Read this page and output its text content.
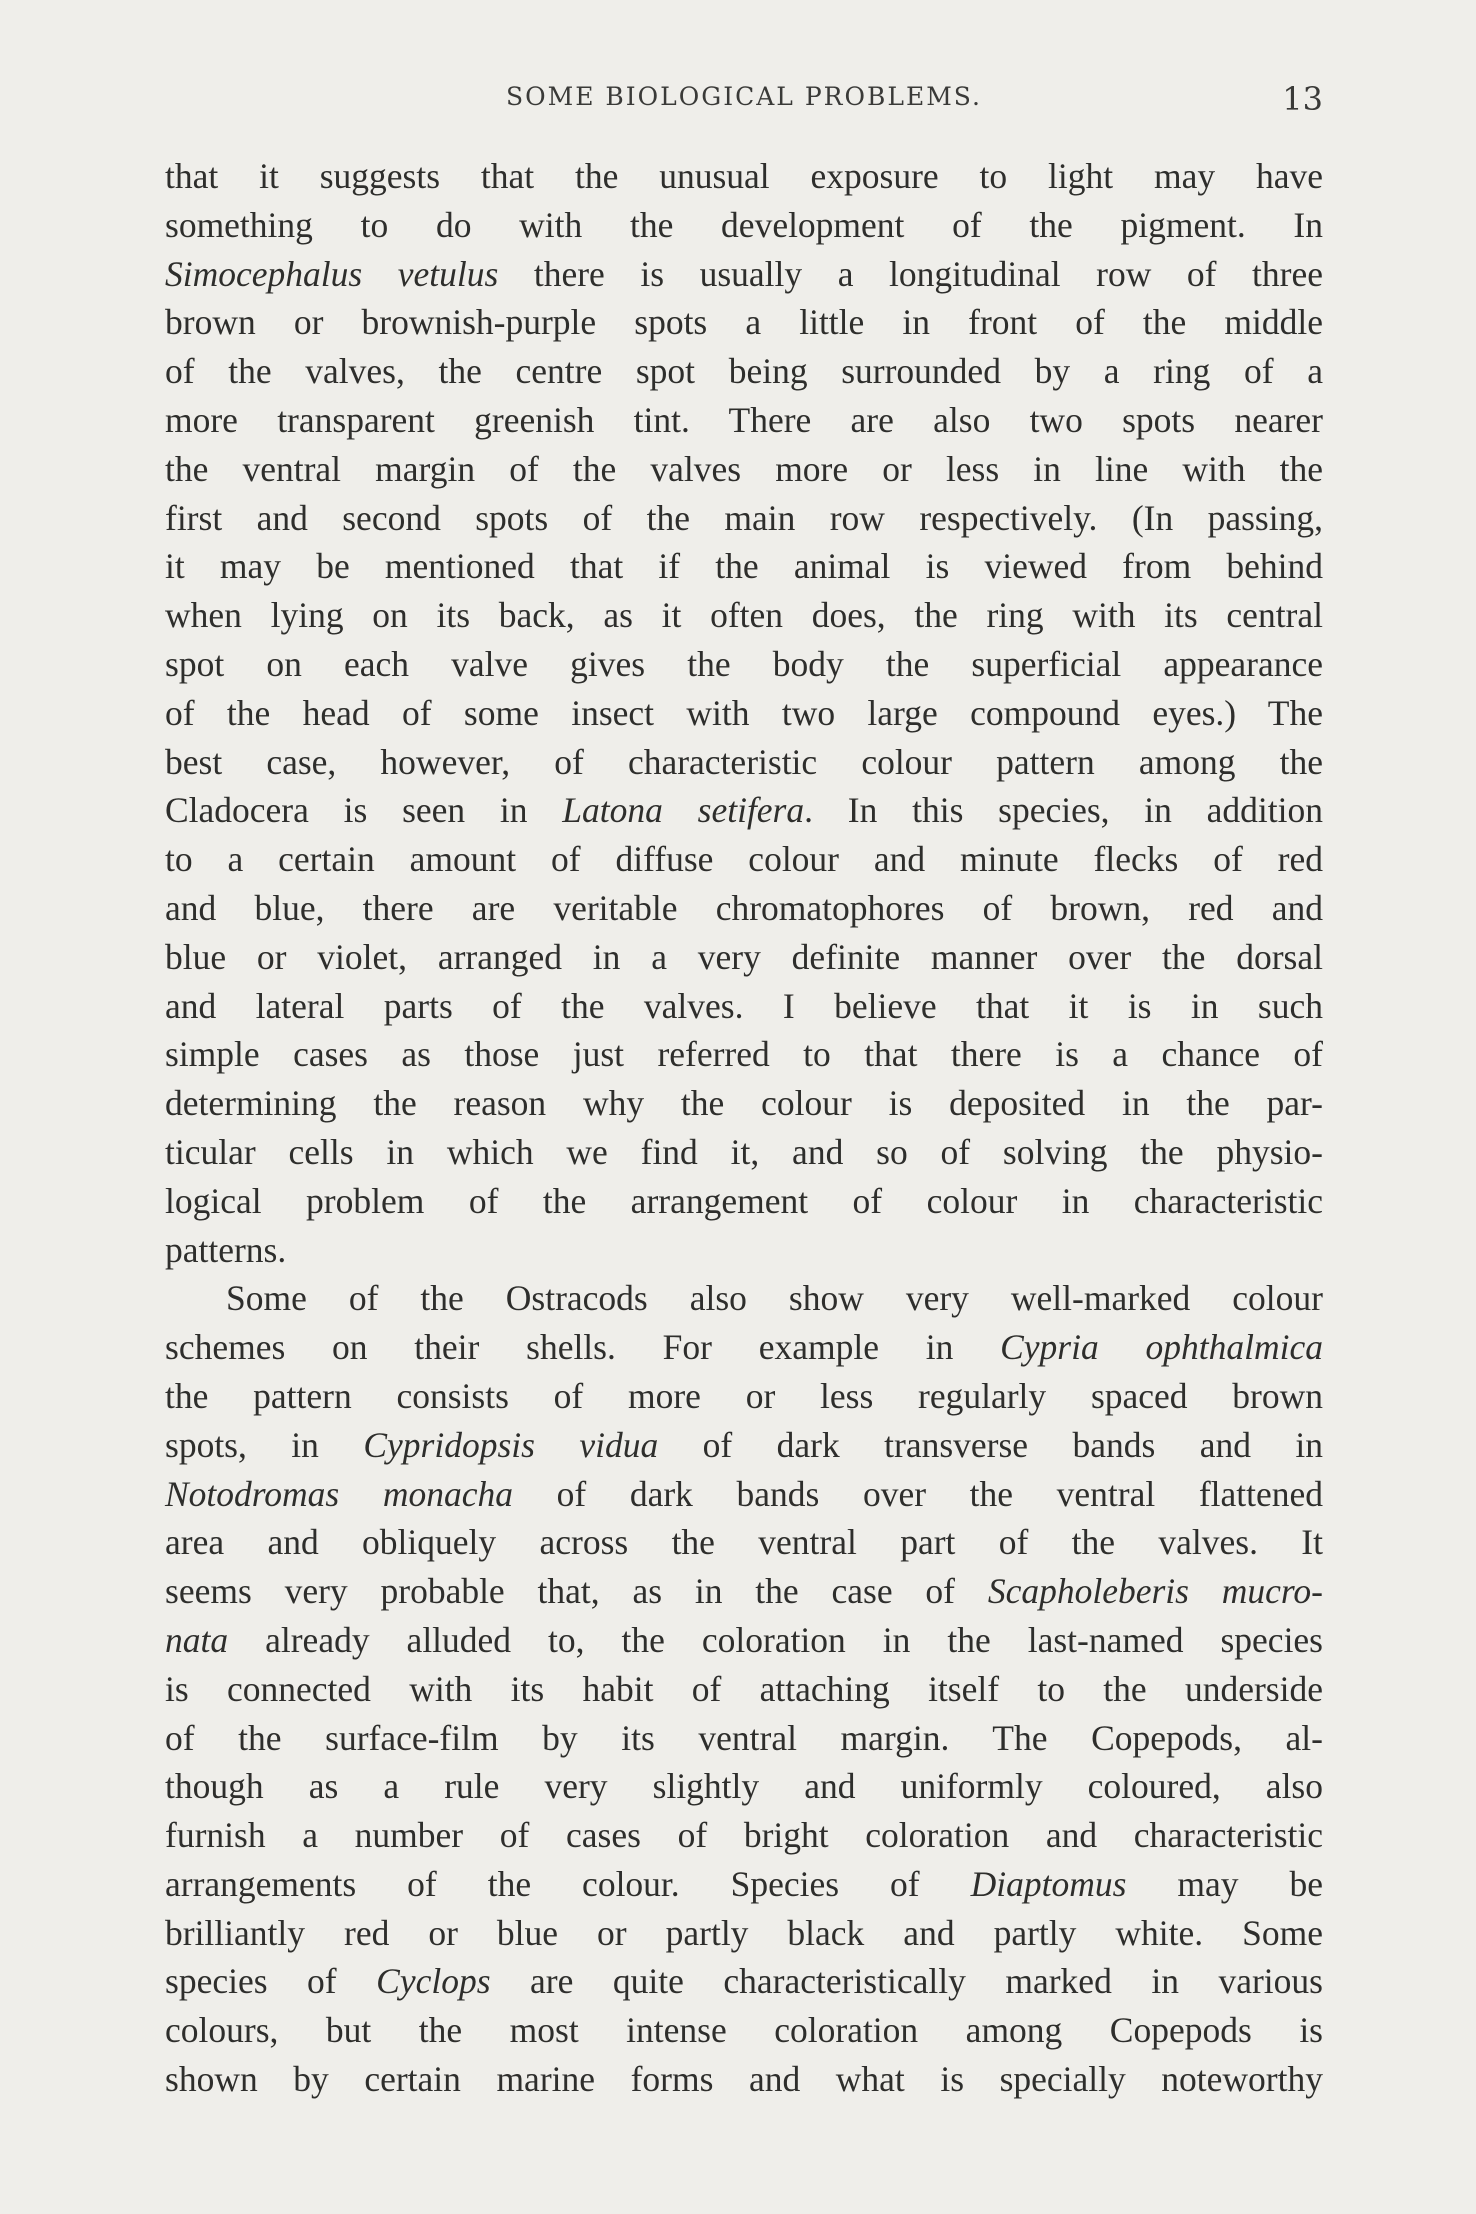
SOME BIOLOGICAL PROBLEMS.	13
that it suggests that the unusual exposure to light may have
something to do with the development of the pigment. In
Simocephalus vetulus there is usually a longitudinal row of three
brown or brownish-purple spots a little in front of the middle
of the valves, the centre spot being surrounded by a ring of a
more transparent greenish tint. There are also two spots nearer
the ventral margin of the valves more or less in line with the
first and second spots of the main row respectively. (In passing,
it may be mentioned that if the animal is viewed from behind
when lying on its back, as it often does, the ring with its central
spot on each valve gives the body the superficial appearance
of the head of some insect with two large compound eyes.) The
best case, however, of characteristic colour pattern among the
Cladocera is seen in Latona setifera. In this species, in addition
to a certain amount of diffuse colour and minute flecks of red
and blue, there are veritable chromatophores of brown, red and
blue or violet, arranged in a very definite manner over the dorsal
and lateral parts of the valves. I believe that it is in such
simple cases as those just referred to that there is a chance of
determining the reason why the colour is deposited in the par-
ticular cells in which we find it, and so of solving the physio-
logical problem of the arrangement of colour in characteristic
patterns.
Some of the Ostracods also show very well-marked colour
schemes on their shells. For example in Cypria ophthalmica
the pattern consists of more or less regularly spaced brown
spots, in Cypridopsis vidua of dark transverse bands and in
Notodromas monacha of dark bands over the ventral flattened
area and obliquely across the ventral part of the valves. It
seems very probable that, as in the case of Scapholeberis mucro-
nata already alluded to, the coloration in the last-named species
is connected with its habit of attaching itself to the underside
of the surface-film by its ventral margin. The Copepods, al-
though as a rule very slightly and uniformly coloured, also
furnish a number of cases of bright coloration and characteristic
arrangements of the colour. Species of Diaptomus may be
brilliantly red or blue or partly black and partly white. Some
species of Cyclops are quite characteristically marked in various
colours, but the most intense coloration among Copepods is
shown by certain marine forms and what is specially noteworthy
